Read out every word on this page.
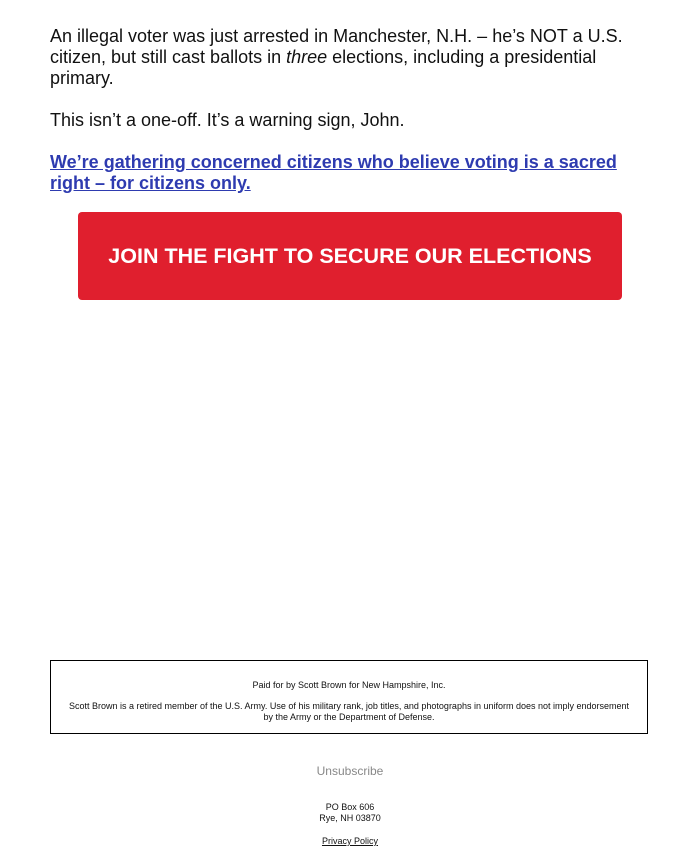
An illegal voter was just arrested in Manchester, N.H. – he’s NOT a U.S. citizen, but still cast ballots in three elections, including a presidential primary.

This isn’t a one-off. It’s a warning sign, John.

We’re gathering concerned citizens who believe voting is a sacred right – for citizens only.

JOIN THE FIGHT TO SECURE OUR ELECTIONS
Paid for by Scott Brown for New Hampshire, Inc.
Scott Brown is a retired member of the U.S. Army. Use of his military rank, job titles, and photographs in uniform does not imply endorsement by the Army or the Department of Defense.
Unsubscribe
PO Box 606
Rye, NH 03870
Privacy Policy
